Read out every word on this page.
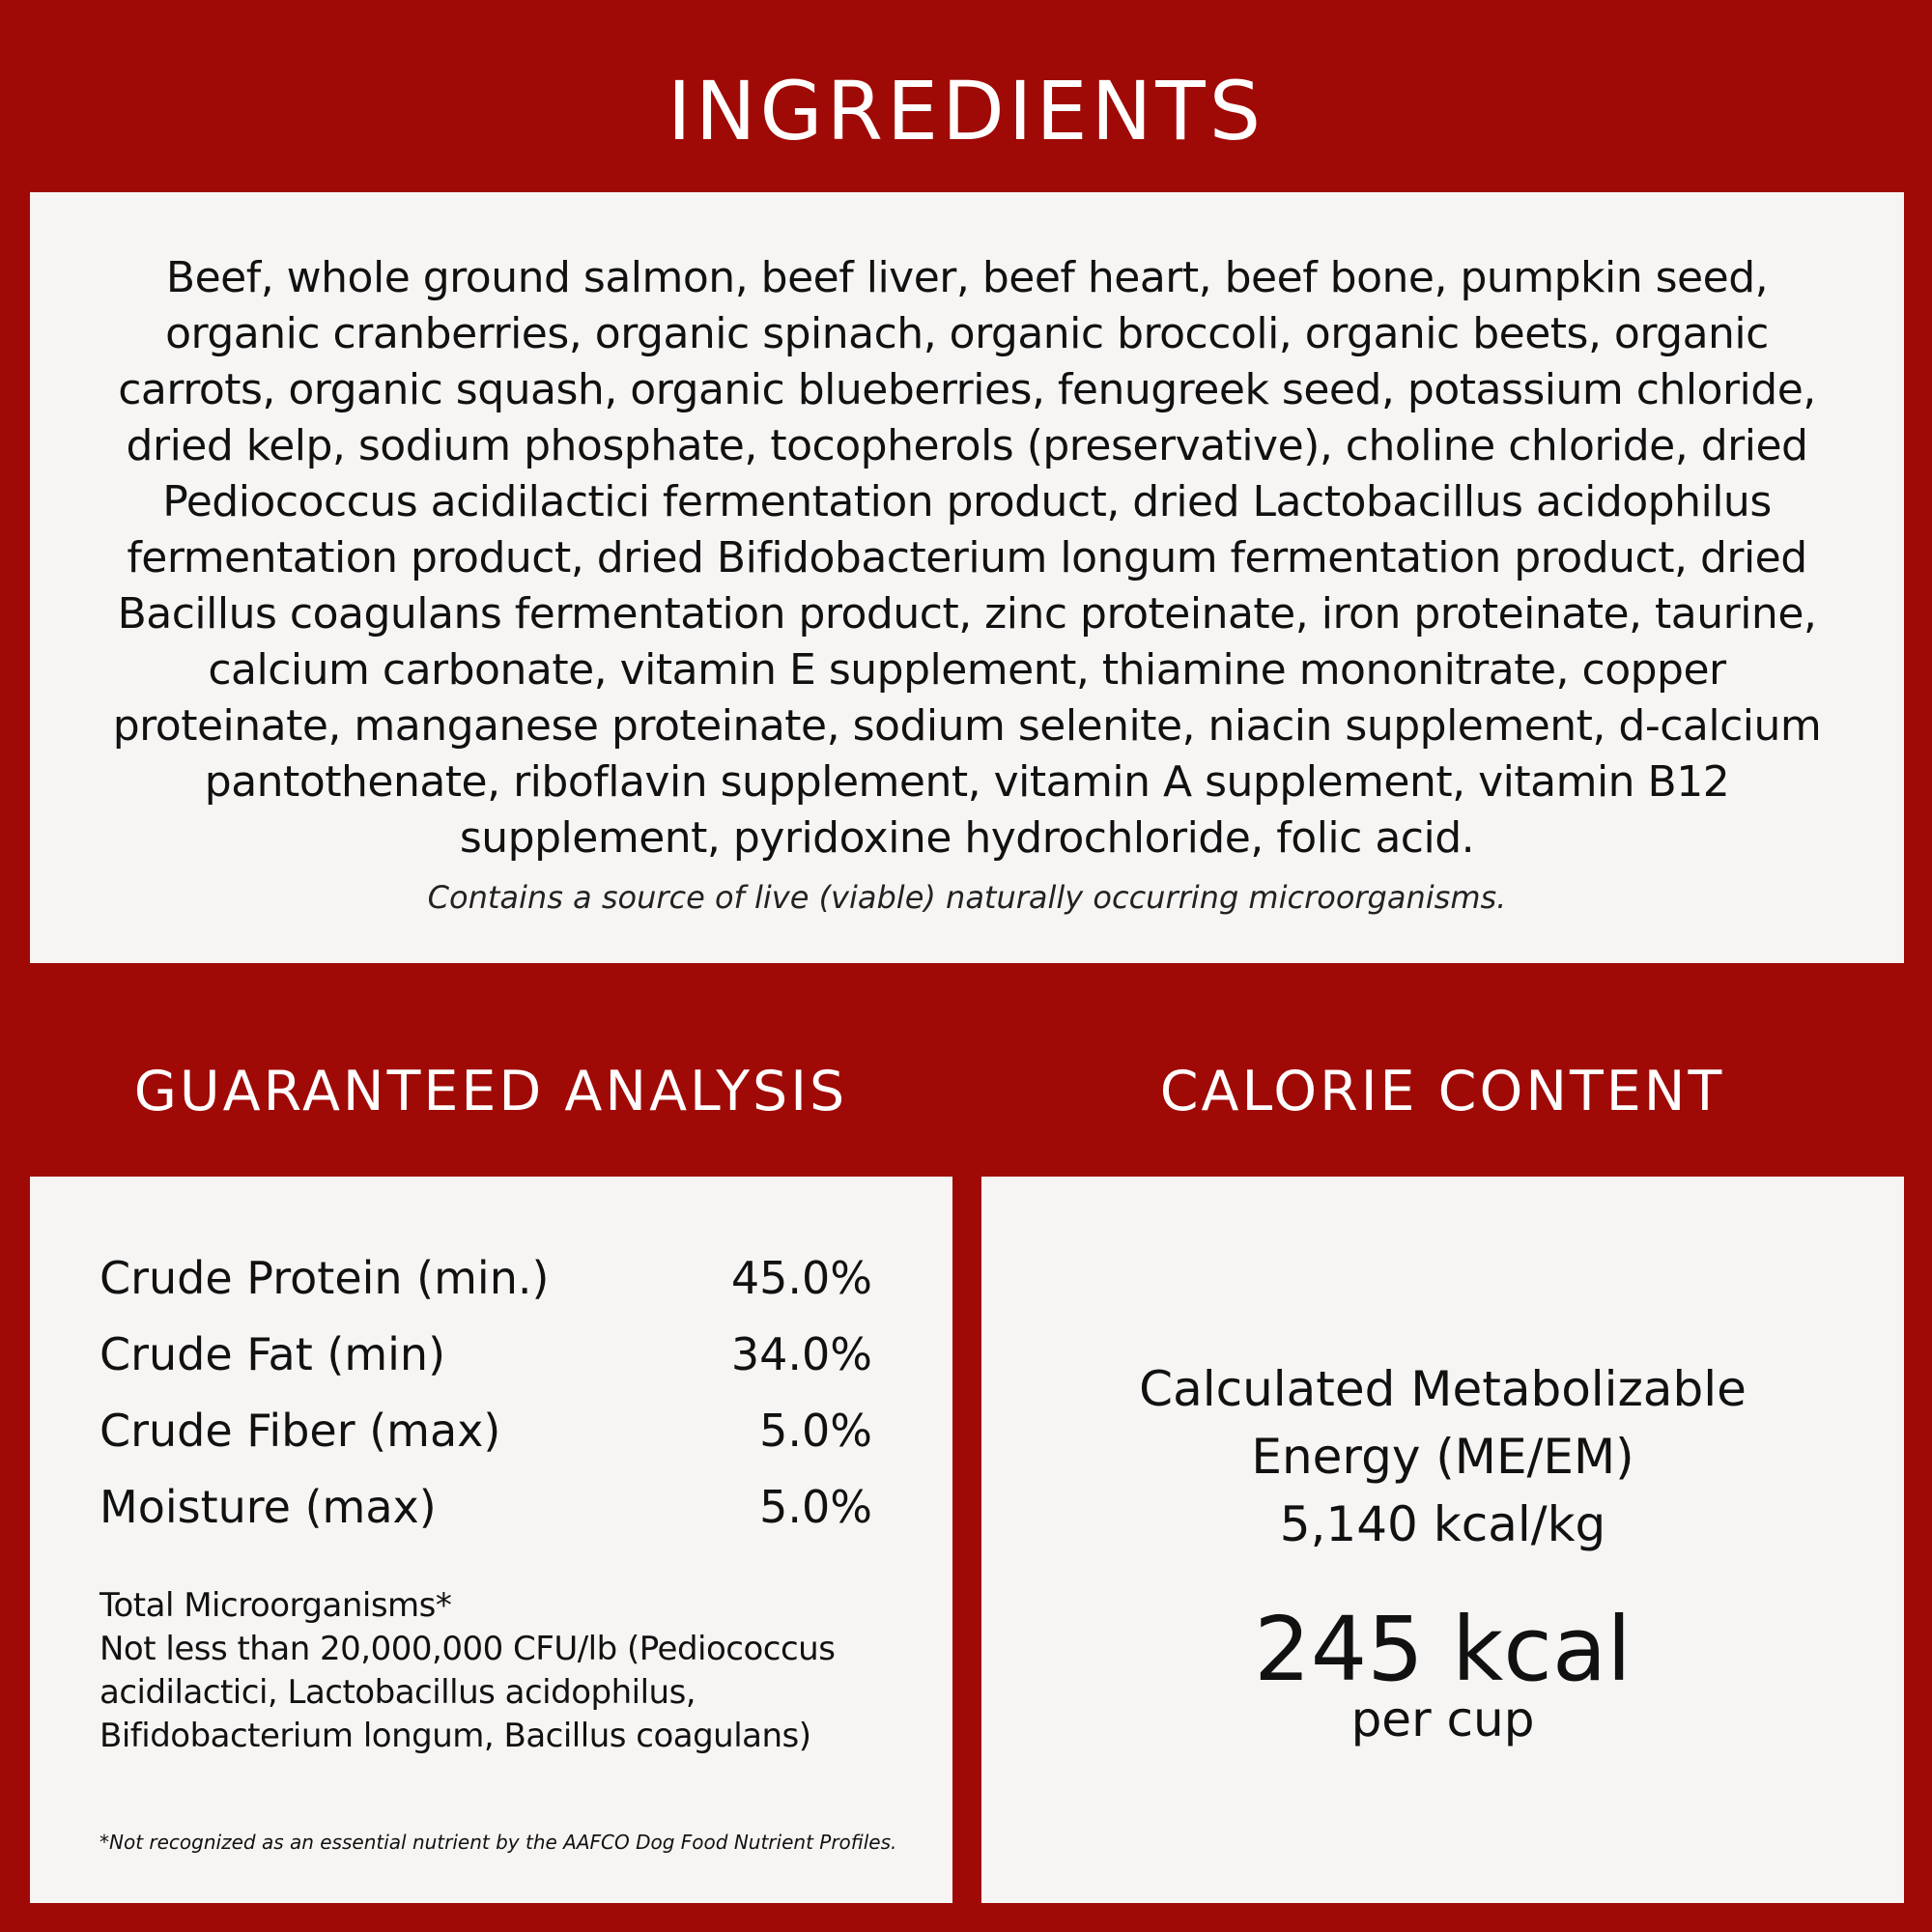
INGREDIENTS

Beef, whole ground salmon, beef liver, beef heart, beef bone, pumpkin seed, organic cranberries, organic spinach, organic broccoli, organic beets, organic carrots, organic squash, organic blueberries, fenugreek seed, potassium chloride, dried kelp, sodium phosphate, tocopherols (preservative), choline chloride, dried Pediococcus acidilactici fermentation product, dried Lactobacillus acidophilus fermentation product, dried Bifidobacterium longum fermentation product, dried Bacillus coagulans fermentation product, zinc proteinate, iron proteinate, taurine, calcium carbonate, vitamin E supplement, thiamine mononitrate, copper proteinate, manganese proteinate, sodium selenite, niacin supplement, d-calcium pantothenate, riboflavin supplement, vitamin A supplement, vitamin B12 supplement, pyridoxine hydrochloride, folic acid.

Contains a source of live (viable) naturally occurring microorganisms.

GUARANTEED ANALYSIS	CALORIE CONTENT
Crude Protein (min.)	45.0%
Crude Fat (min)	34.0%
Crude Fiber (max)	5.0%
Moisture (max)	5.0%

Total Microorganisms*

Not less than 20,000,000 CFU/lb (Pediococcus acidilactici, Lactobacillus acidophilus, Bifidobacterium longum, Bacillus coagulans)

*Not recognized as an essential nutrient by the AAFCO Dog Food Nutrient Profiles.

Calculated Metabolizable
Energy (ME/EM)
5,140 kcal/kg

245 kcal

per cup
